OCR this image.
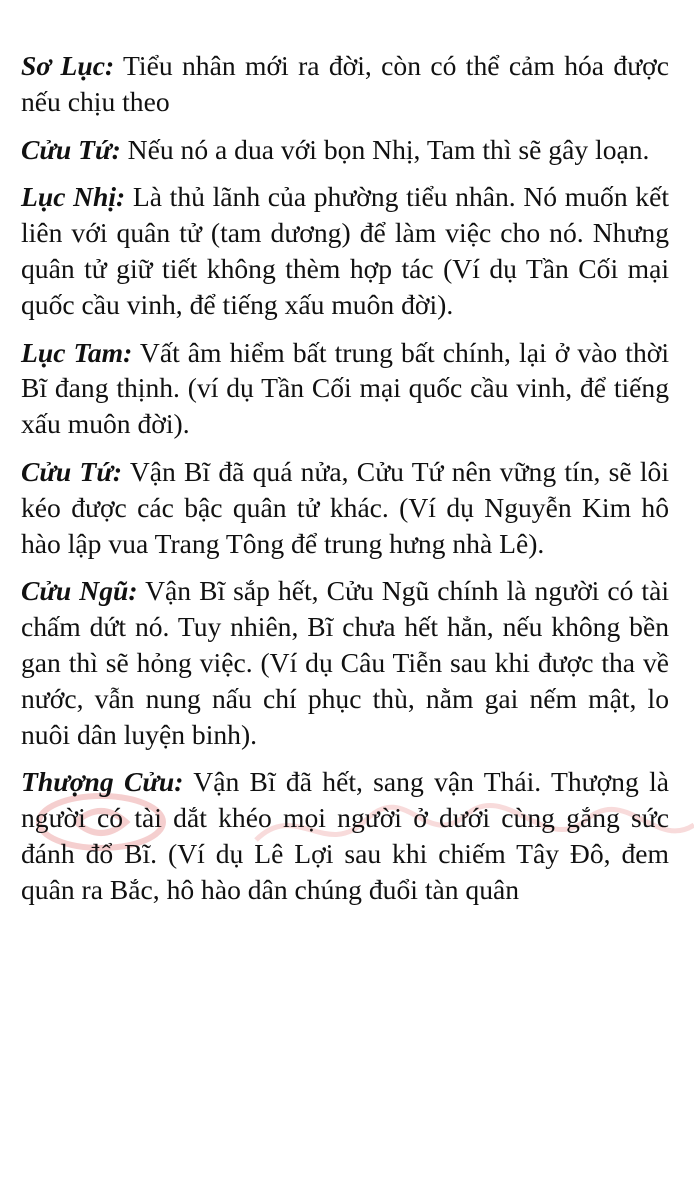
Sơ Lục: Tiểu nhân mới ra đời, còn có thể cảm hóa được nếu chịu theo

Cửu Tứ: Nếu nó a dua với bọn Nhị, Tam thì sẽ gây loạn.

Lục Nhị: Là thủ lãnh của phường tiểu nhân. Nó muốn kết liên với quân tử (tam dương) để làm việc cho nó. Nhưng quân tử giữ tiết không thèm hợp tác (Ví dụ Tần Cối mại quốc cầu vinh, để tiếng xấu muôn đời).

Lục Tam: Vất âm hiểm bất trung bất chính, lại ở vào thời Bĩ đang thịnh. (ví dụ Tần Cối mại quốc cầu vinh, để tiếng xấu muôn đời).

Cửu Tứ: Vận Bĩ đã quá nửa, Cửu Tứ nên vững tín, sẽ lôi kéo được các bậc quân tử khác. (Ví dụ Nguyễn Kim hô hào lập vua Trang Tông để trung hưng nhà Lê).

Cửu Ngũ: Vận Bĩ sắp hết, Cửu Ngũ chính là người có tài chấm dứt nó. Tuy nhiên, Bĩ chưa hết hẳn, nếu không bền gan thì sẽ hỏng việc. (Ví dụ Câu Tiễn sau khi được tha về nước, vẫn nung nấu chí phục thù, nằm gai nếm mật, lo nuôi dân luyện binh).

Thượng Cửu: Vận Bĩ đã hết, sang vận Thái. Thượng là người có tài dắt khéo mọi người ở dưới cùng gắng sức đánh đổ Bĩ. (Ví dụ Lê Lợi sau khi chiếm Tây Đô, đem quân ra Bắc, hô hào dân chúng đuổi tàn quân
